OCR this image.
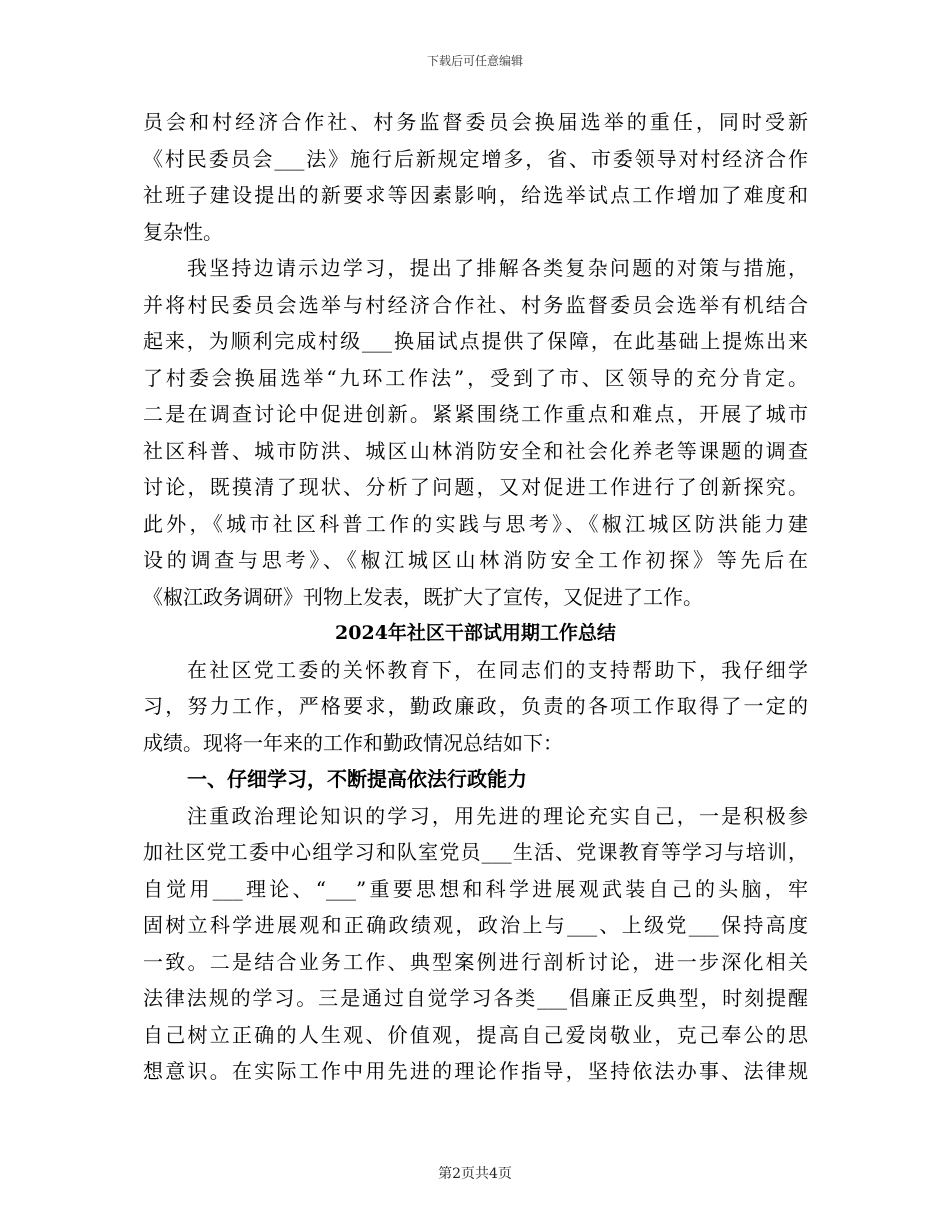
下载后可任意编辑
员会和村经济合作社、村务监督委员会换届选举的重任，同时受新
《村民委员会___法》施行后新规定增多，省、市委领导对村经济合作
社班子建设提出的新要求等因素影响，给选举试点工作增加了难度和
复杂性。
我坚持边请示边学习，提出了排解各类复杂问题的对策与措施，
并将村民委员会选举与村经济合作社、村务监督委员会选举有机结合
起来，为顺利完成村级___换届试点提供了保障，在此基础上提炼出来
了村委会换届选举“九环工作法”，受到了市、区领导的充分肯定。
二是在调查讨论中促进创新。紧紧围绕工作重点和难点，开展了城市
社区科普、城市防洪、城区山林消防安全和社会化养老等课题的调查
讨论，既摸清了现状、分析了问题，又对促进工作进行了创新探究。
此外，《城市社区科普工作的实践与思考》、《椒江城区防洪能力建
设的调查与思考》、《椒江城区山林消防安全工作初探》等先后在
《椒江政务调研》刊物上发表，既扩大了宣传，又促进了工作。
2024年社区干部试用期工作总结
在社区党工委的关怀教育下，在同志们的支持帮助下，我仔细学
习，努力工作，严格要求，勤政廉政，负责的各项工作取得了一定的
成绩。现将一年来的工作和勤政情况总结如下：
一、仔细学习，不断提高依法行政能力
注重政治理论知识的学习，用先进的理论充实自己，一是积极参
加社区党工委中心组学习和队室党员___生活、党课教育等学习与培训，
自觉用___理论、“___”重要思想和科学进展观武装自己的头脑，牢
固树立科学进展观和正确政绩观，政治上与___、上级党___保持高度
一致。二是结合业务工作、典型案例进行剖析讨论，进一步深化相关
法律法规的学习。三是通过自觉学习各类___倡廉正反典型，时刻提醒
自己树立正确的人生观、价值观，提高自己爱岗敬业，克己奉公的思
想意识。在实际工作中用先进的理论作指导，坚持依法办事、法律规
第2页共4页
